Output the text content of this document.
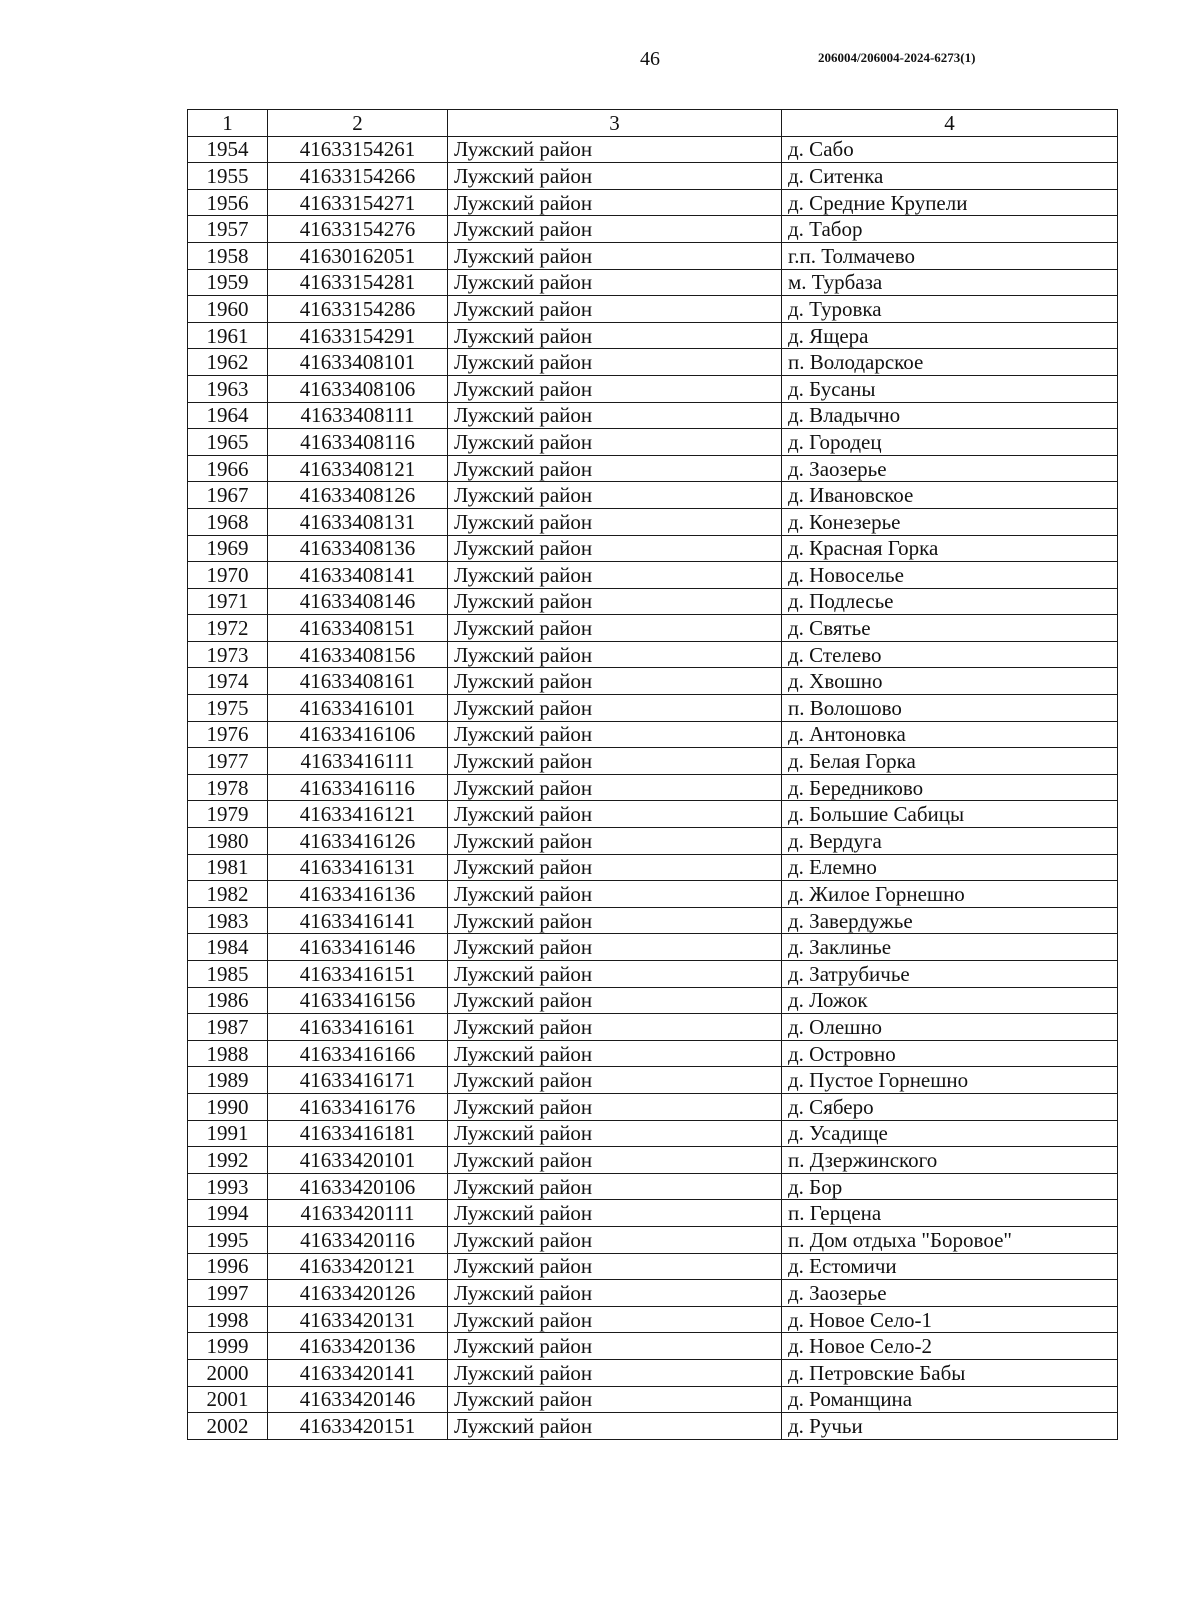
46	206004/206004-2024-6273(1)
1	2	3	4
1954	41633154261	Лужский район	д. Сабо
1955	41633154266	Лужский район	д. Ситенка
1956	41633154271	Лужский район	д. Средние Крупели
1957	41633154276	Лужский район	д. Табор
1958	41630162051	Лужский район	г.п. Толмачево
1959	41633154281	Лужский район	м. Турбаза
1960	41633154286	Лужский район	д. Туровка
1961	41633154291	Лужский район	д. Ящера
1962	41633408101	Лужский район	п. Володарское
1963	41633408106	Лужский район	д. Бусаны
1964	41633408111	Лужский район	д. Владычно
1965	41633408116	Лужский район	д. Городец
1966	41633408121	Лужский район	д. Заозерье
1967	41633408126	Лужский район	д. Ивановское
1968	41633408131	Лужский район	д. Конезерье
1969	41633408136	Лужский район	д. Красная Горка
1970	41633408141	Лужский район	д. Новоселье
1971	41633408146	Лужский район	д. Подлесье
1972	41633408151	Лужский район	д. Святье
1973	41633408156	Лужский район	д. Стелево
1974	41633408161	Лужский район	д. Хвошно
1975	41633416101	Лужский район	п. Волошово
1976	41633416106	Лужский район	д. Антоновка
1977	41633416111	Лужский район	д. Белая Горка
1978	41633416116	Лужский район	д. Бередниково
1979	41633416121	Лужский район	д. Большие Сабицы
1980	41633416126	Лужский район	д. Вердуга
1981	41633416131	Лужский район	д. Елемно
1982	41633416136	Лужский район	д. Жилое Горнешно
1983	41633416141	Лужский район	д. Завердужье
1984	41633416146	Лужский район	д. Заклинье
1985	41633416151	Лужский район	д. Затрубичье
1986	41633416156	Лужский район	д. Ложок
1987	41633416161	Лужский район	д. Олешно
1988	41633416166	Лужский район	д. Островно
1989	41633416171	Лужский район	д. Пустое Горнешно
1990	41633416176	Лужский район	д. Сяберо
1991	41633416181	Лужский район	д. Усадище
1992	41633420101	Лужский район	п. Дзержинского
1993	41633420106	Лужский район	д. Бор
1994	41633420111	Лужский район	п. Герцена
1995	41633420116	Лужский район	п. Дом отдыха "Боровое"
1996	41633420121	Лужский район	д. Естомичи
1997	41633420126	Лужский район	д. Заозерье
1998	41633420131	Лужский район	д. Новое Село-1
1999	41633420136	Лужский район	д. Новое Село-2
2000	41633420141	Лужский район	д. Петровские Бабы
2001	41633420146	Лужский район	д. Романщина
2002	41633420151	Лужский район	д. Ручьи
